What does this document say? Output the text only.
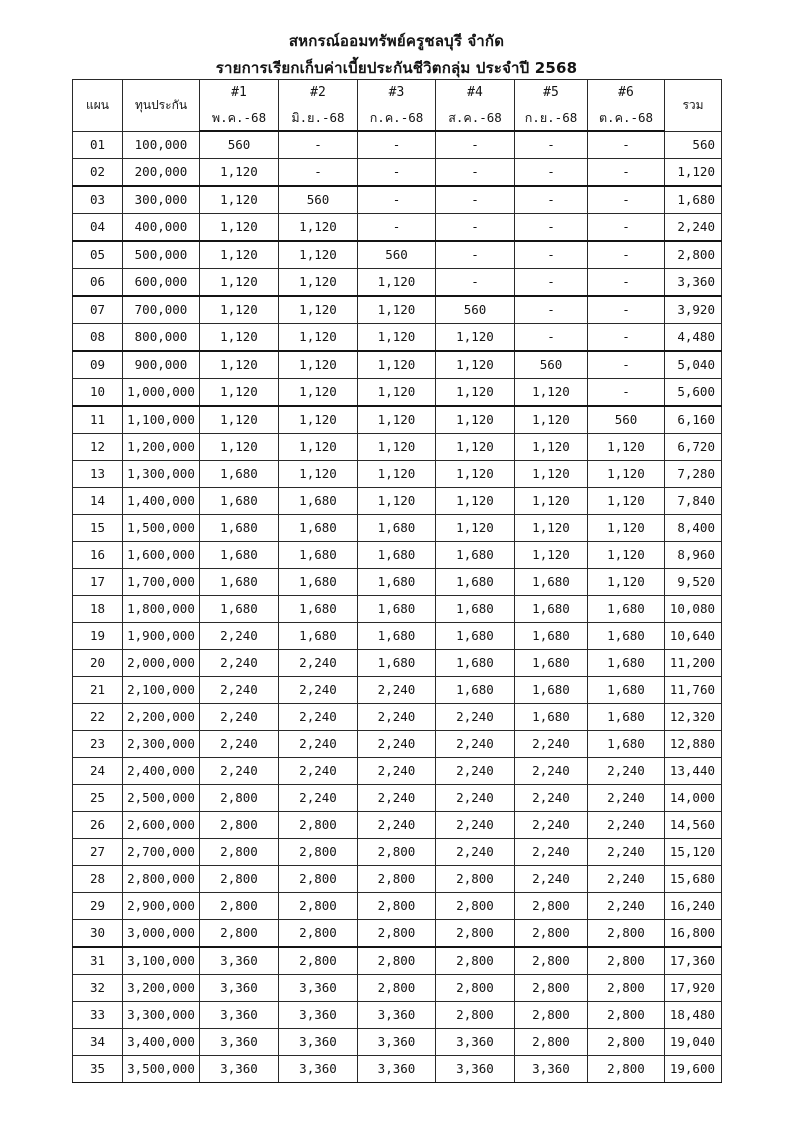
สหกรณ์ออมทรัพย์ครูชลบุรี จำกัด
รายการเรียกเก็บค่าเบี้ยประกันชีวิตกลุ่ม ประจำปี 2568
แผน	ทุนประกัน	#1	#2	#3	#4	#5	#6	รวม
		พ.ค.-68	มิ.ย.-68	ก.ค.-68	ส.ค.-68	ก.ย.-68	ต.ค.-68	
01	100,000	560	-	-	-	-	-	560
02	200,000	1,120	-	-	-	-	-	1,120
03	300,000	1,120	560	-	-	-	-	1,680
04	400,000	1,120	1,120	-	-	-	-	2,240
05	500,000	1,120	1,120	560	-	-	-	2,800
06	600,000	1,120	1,120	1,120	-	-	-	3,360
07	700,000	1,120	1,120	1,120	560	-	-	3,920
08	800,000	1,120	1,120	1,120	1,120	-	-	4,480
09	900,000	1,120	1,120	1,120	1,120	560	-	5,040
10	1,000,000	1,120	1,120	1,120	1,120	1,120	-	5,600
11	1,100,000	1,120	1,120	1,120	1,120	1,120	560	6,160
12	1,200,000	1,120	1,120	1,120	1,120	1,120	1,120	6,720
13	1,300,000	1,680	1,120	1,120	1,120	1,120	1,120	7,280
14	1,400,000	1,680	1,680	1,120	1,120	1,120	1,120	7,840
15	1,500,000	1,680	1,680	1,680	1,120	1,120	1,120	8,400
16	1,600,000	1,680	1,680	1,680	1,680	1,120	1,120	8,960
17	1,700,000	1,680	1,680	1,680	1,680	1,680	1,120	9,520
18	1,800,000	1,680	1,680	1,680	1,680	1,680	1,680	10,080
19	1,900,000	2,240	1,680	1,680	1,680	1,680	1,680	10,640
20	2,000,000	2,240	2,240	1,680	1,680	1,680	1,680	11,200
21	2,100,000	2,240	2,240	2,240	1,680	1,680	1,680	11,760
22	2,200,000	2,240	2,240	2,240	2,240	1,680	1,680	12,320
23	2,300,000	2,240	2,240	2,240	2,240	2,240	1,680	12,880
24	2,400,000	2,240	2,240	2,240	2,240	2,240	2,240	13,440
25	2,500,000	2,800	2,240	2,240	2,240	2,240	2,240	14,000
26	2,600,000	2,800	2,800	2,240	2,240	2,240	2,240	14,560
27	2,700,000	2,800	2,800	2,800	2,240	2,240	2,240	15,120
28	2,800,000	2,800	2,800	2,800	2,800	2,240	2,240	15,680
29	2,900,000	2,800	2,800	2,800	2,800	2,800	2,240	16,240
30	3,000,000	2,800	2,800	2,800	2,800	2,800	2,800	16,800
31	3,100,000	3,360	2,800	2,800	2,800	2,800	2,800	17,360
32	3,200,000	3,360	3,360	2,800	2,800	2,800	2,800	17,920
33	3,300,000	3,360	3,360	3,360	2,800	2,800	2,800	18,480
34	3,400,000	3,360	3,360	3,360	3,360	2,800	2,800	19,040
35	3,500,000	3,360	3,360	3,360	3,360	3,360	2,800	19,600
